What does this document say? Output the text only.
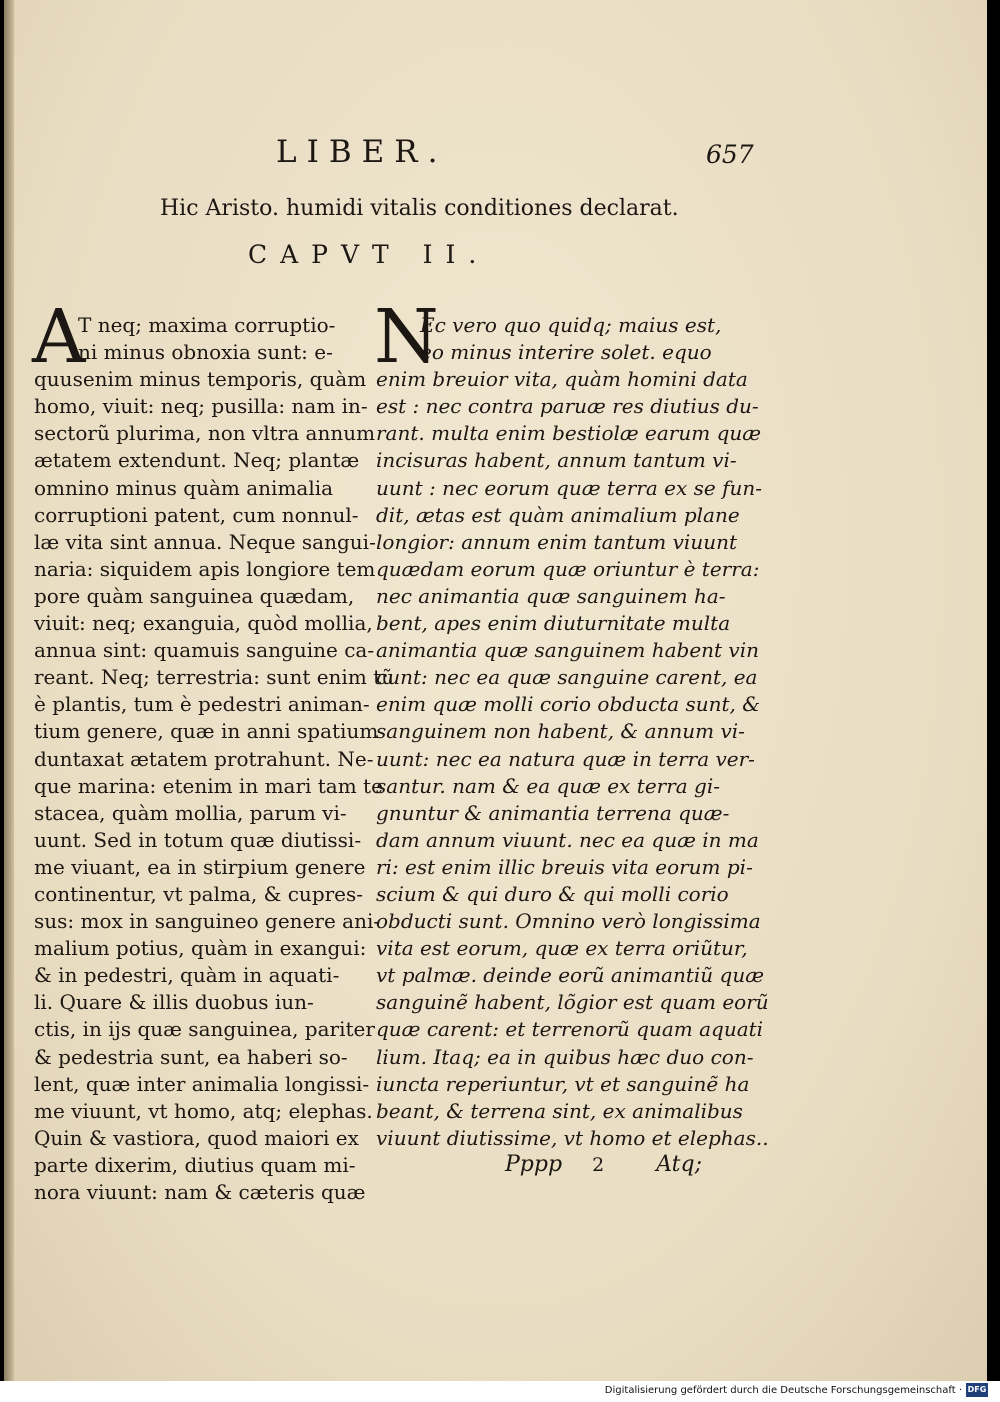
LIBER.	657
Hic Aristo. humidi vitalis conditiones declarat.
CAPVT II.
A
T neq; maxima corruptio-
ni minus obnoxia sunt: e-
quusenim minus temporis, quàm
homo, viuit: neq; pusilla: nam in-
sectorũ plurima, non vltra annum
ætatem extendunt. Neq; plantæ
omnino minus quàm animalia
corruptioni patent, cum nonnul-
læ vita sint annua. Neque sangui-
naria: siquidem apis longiore tem
pore quàm sanguinea quædam,
viuit: neq; exanguia, quòd mollia,
annua sint: quamuis sanguine ca-
reant. Neq; terrestria: sunt enim tũ
è plantis, tum è pedestri animan-
tium genere, quæ in anni spatium
duntaxat ætatem protrahunt. Ne-
que marina: etenim in mari tam te
stacea, quàm mollia, parum vi-
uunt. Sed in totum quæ diutissi-
me viuant, ea in stirpium genere
continentur, vt palma, & cupres-
sus: mox in sanguineo genere ani-
malium potius, quàm in exangui:
& in pedestri, quàm in aquati-
li. Quare & illis duobus iun-
ctis, in ijs quæ sanguinea, pariter
& pedestria sunt, ea haberi so-
lent, quæ inter animalia longissi-
me viuunt, vt homo, atq; elephas.
Quin & vastiora, quod maiori ex
parte dixerim, diutius quam mi-
nora viuunt: nam & cæteris quæ
N
Ec vero quo quidq; maius est,
eo minus interire solet. equo
enim breuior vita, quàm homini data
est : nec contra paruæ res diutius du-
rant. multa enim bestiolæ earum quæ
incisuras habent, annum tantum vi-
uunt : nec eorum quæ terra ex se fun-
dit, ætas est quàm animalium plane
longior: annum enim tantum viuunt
quædam eorum quæ oriuntur è terra:
nec animantia quæ sanguinem ha-
bent, apes enim diuturnitate multa
animantia quæ sanguinem habent vin
cunt: nec ea quæ sanguine carent, ea
enim quæ molli corio obducta sunt, &
sanguinem non habent, & annum vi-
uunt: nec ea natura quæ in terra ver-
santur. nam & ea quæ ex terra gi-
gnuntur & animantia terrena quæ-
dam annum viuunt. nec ea quæ in ma
ri: est enim illic breuis vita eorum pi-
scium & qui duro & qui molli corio
obducti sunt. Omnino verò longissima
vita est eorum, quæ ex terra oriũtur,
vt palmæ. deinde eorũ animantiũ quæ
sanguinẽ habent, lõgior est quam eorũ
quæ carent: et terrenorũ quam aquati
lium. Itaq; ea in quibus hæc duo con-
iuncta reperiuntur, vt et sanguinẽ ha
beant, & terrena sint, ex animalibus
viuunt diutissime, vt homo et elephas..
Pppp 2 Atq;
Digitalisierung gefördert durch die Deutsche Forschungsgemeinschaft · DFG
